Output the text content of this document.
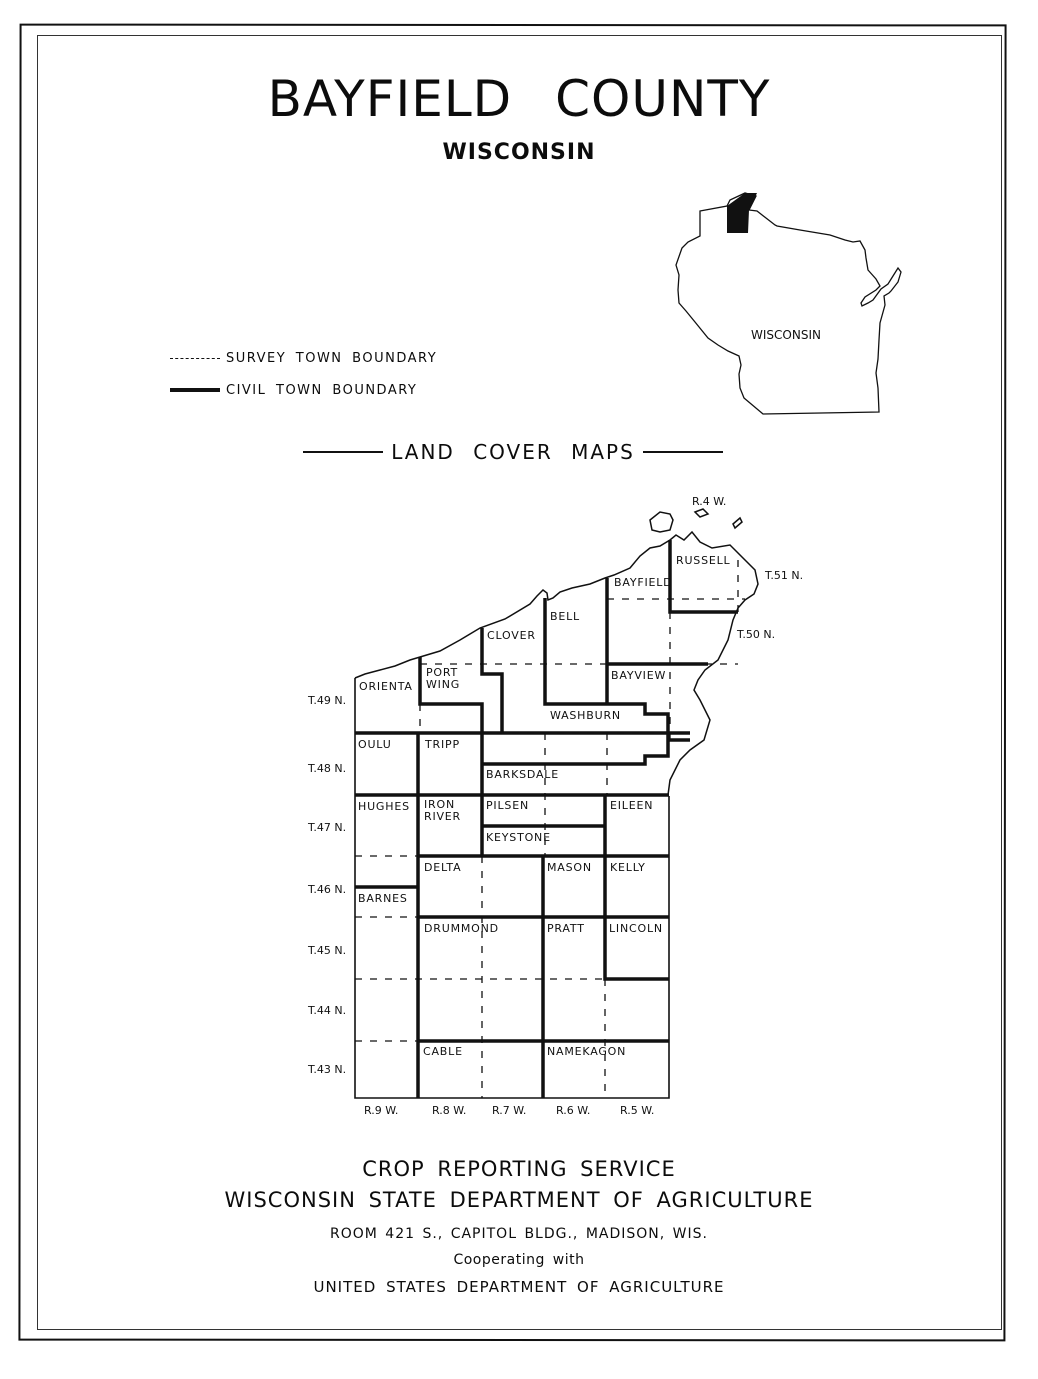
BAYFIELD COUNTY
WISCONSIN
SURVEY TOWN BOUNDARY
CIVIL TOWN BOUNDARY
LAND COVER MAPS
WISCONSIN
RUSSELL
BAYFIELD
BELL
CLOVER
PORT
WING
ORIENTA
BAYVIEW
WASHBURN
OULU	TRIPP
BARKSDALE
HUGHES IRON
RIVER
PILSEN	EILEEN
KEYSTONE
DELTA	MASON KELLY
BARNES
DRUMMOND	PRATT LINCOLN
CABLE	NAMEKAGON
T.51 N.
T.50 N.
T.49 N.
T.48 N.
T.47 N.
T.46 N.
T.45 N.
T.44 N.
T.43 N.
R.4 W.
R.9 W.	R.8 W. R.7 W.	R.6 W.	R.5 W.
CROP REPORTING SERVICE
WISCONSIN STATE DEPARTMENT OF AGRICULTURE
ROOM 421 S., CAPITOL BLDG., MADISON, WIS.
Cooperating with
UNITED STATES DEPARTMENT OF AGRICULTURE
